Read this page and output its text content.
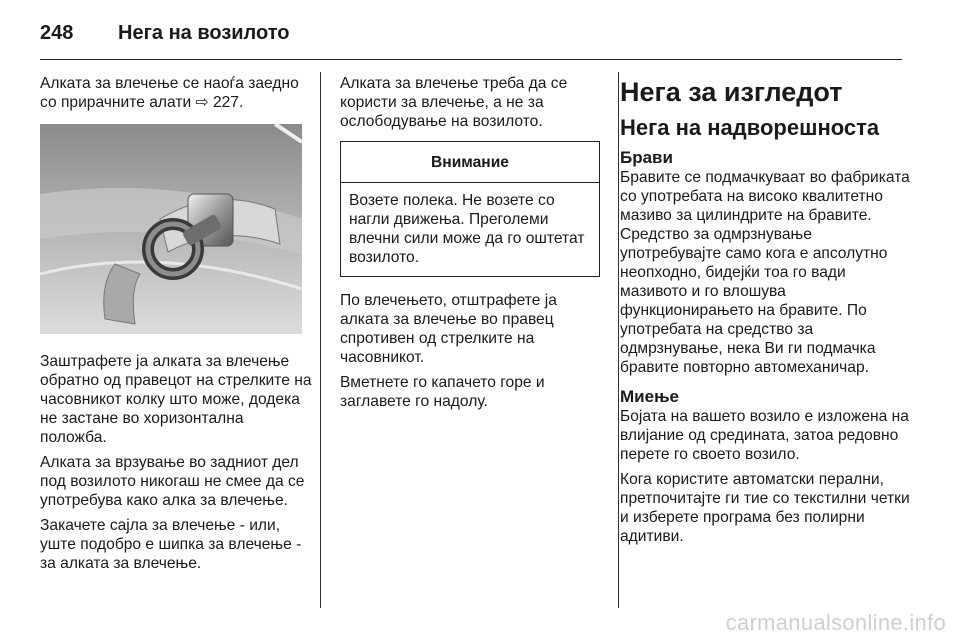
248 Нега на возилото

Алката за влечење се наоѓа заедно со прирачните алати ⇨ 227.

Заштрафете ја алката за влечење обратно од правецот на стрелките на часовникот колку што може, додека не застане во хоризонтална положба.

Алката за врзување во задниот дел под возилото никогаш не смее да се употребува како алка за влечење.

Закачете сајла за влечење - или, уште подобро е шипка за влечење - за алката за влечење.

Алката за влечење треба да се користи за влечење, а не за ослободување на возилото.

Внимание
Возете полека. Не возете со нагли движења. Преголеми влечни сили може да го оштетат возилото.

По влечењето, отштрафете ја алката за влечење во правец спротивен од стрелките на часовникот.

Вметнете го капачето горе и заглавете го надолу.

Нега за изгледот
Нега на надворешноста
Брави

Бравите се подмачкуваат во фабриката со употребата на високо квалитетно мазиво за цилиндрите на бравите. Средство за одмрзнување употребувајте само кога е апсолутно неопходно, бидејќи тоа го вади мазивото и го влошува функционирањето на бравите. По употребата на средство за одмрзнување, нека Ви ги подмачка бравите повторно автомеханичар.

Миење

Бојата на вашето возило е изложена на влијание од средината, затоа редовно перете го своето возило.

Кога користите автоматски перални, претпочитајте ги тие со текстилни четки и изберете програма без полирни адитиви.

carmanualsonline.info
